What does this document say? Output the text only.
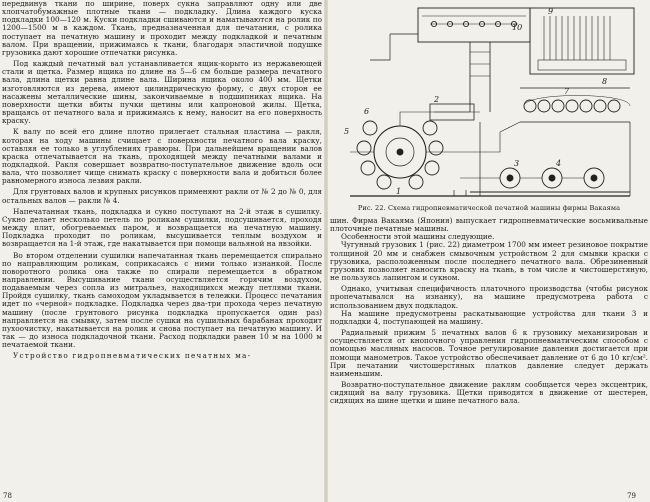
передвинув ткани по ширине, поверх сукна заправляют одну или две хлопчатобумажные плотные ткани — подкладку. Длина каждого куска подкладки 100—120 м. Куски подкладки сшиваются и наматываются на ролик по 1200—1500 м в каждом. Ткань, предназначенная для печатания, с ролика поступает на печатную машину и проходит между подкладкой и печатным валом. При вращении, прижимаясь к ткани, благодаря эластичной подушке грузовика дают хорошие отпечатки рисунка.

Под каждый печатный вал устанавливается ящик-корыто из нержавеющей стали и щетка. Размер ящика по длине на 5—6 см больше размера печатного вала, длина щетки равна длине вала. Ширина ящика около 400 мм. Щетки изготовляются из дерева, имеют цилиндрическую форму, с двух сторон ее насажены металлические шины, закончиваемые в подшипниках ящика. На поверхности щетки вбиты пучки щетины или капроновой жилы. Щетка, вращаясь от печатного вала и прижимаясь к нему, наносит на его поверхность краску.

К валу по всей его длине плотно прилегает стальная пластина — ракля, которая на ходу машины счищает с поверхности печатного вала краску, оставляя ее только в углублениях гравюры. При дальнейшем вращении валов краска отпечатывается на ткань, проходящей между печатными валами и подкладкой. Ракля совершает возвратно-поступательное движение вдоль оси вала, что позволяет чище снимать краску с поверхности вала и добиться более равномерного износа лезвия ракли.

Для грунтовых валов и крупных рисунков применяют ракли от № 2 до № 0, для остальных валов — ракли № 4.

Напечатанная ткань, подкладка и сукно поступают на 2-й этаж в сушилку. Сукно делает несколько петель по роликам сушилки, подсушивается, проходя между плит, обогреваемых паром, и возвращается на печатную машину. Подкладка проходит по роликам, высушивается теплым воздухом и возвращается на 1-й этаж, где накатывается при помощи вальяной на явзойки.

Во втором отделении сушилки напечатанная ткань перемещается спирально по направляющим роликам, соприкасаясь с ними только изнанкой. После поворотного ролика она также по спирали перемещается в обратном направлении. Высушивание ткани осуществляется горячим воздухом, подаваемым через сопла из митральез, находящихся между петлями ткани. Пройдя сушилку, ткань самоходом укладывается в тележки. Процесс печатания идет по «черной» подкладке. Подкладка через два-три прохода через печатную машину (после грунтового рисунка подкладка пропускается один раз) направляется на смывку, затем после сушки на сушильных барабанах проходит пухоочистку, накатывается на ролик и снова поступает на печатную машину. И так — до износа подкладочной ткани. Расход подкладки равен 10 м на 1000 м печатаемой ткани.

Устройство гидропневматических печатных ма-

78
9
10
8
7
6
5
4
3
2
1
Рис. 22. Схема гидропневматической печатной машины фирмы Вакаяма

шин. Фирма Вакаяма (Япония) выпускает гидропневматические восьмивальные плоточные печатные машины.

Особенности этой машины следующие.

Чугунный грузовик 1 (рис. 22) диаметром 1700 мм имеет резиновое покрытие толщиной 20 мм и снабжен смывочным устройством 2 для смывки краски с грузовика, расположенным после последнего печатного вала. Обрезиненный грузовик позволяет наносить краску на ткань, в том числе и чистошерстяную, не пользуясь лапингом и сукном.

Однако, учитывая специфичность платочного производства (чтобы рисунок пропечатывался на изнанку), на машине предусмотрена работа с использованием двух подкладок.

На машине предусмотрены раскатывающие устройства для ткани 3 и подкладки 4, поступающей на машину.

Радиальный прижим 5 печатных валов 6 к грузовику механизирован и осуществляется от кнопочного управления гидропневматическим способом с помощью масляных насосов. Точное регулирование давления достигается при помощи манометров. Такое устройство обеспечивает давление от 6 до 10 кг/см². При печатании чистошерстяных платков давление следует держать наименьшим.

Возвратно-поступательное движение раклям сообщается через эксцентрик, сидящий на валу грузовика. Щетки приводятся в движение от шестерен, сидящих на шине щетки и шине печатного вала.

79
